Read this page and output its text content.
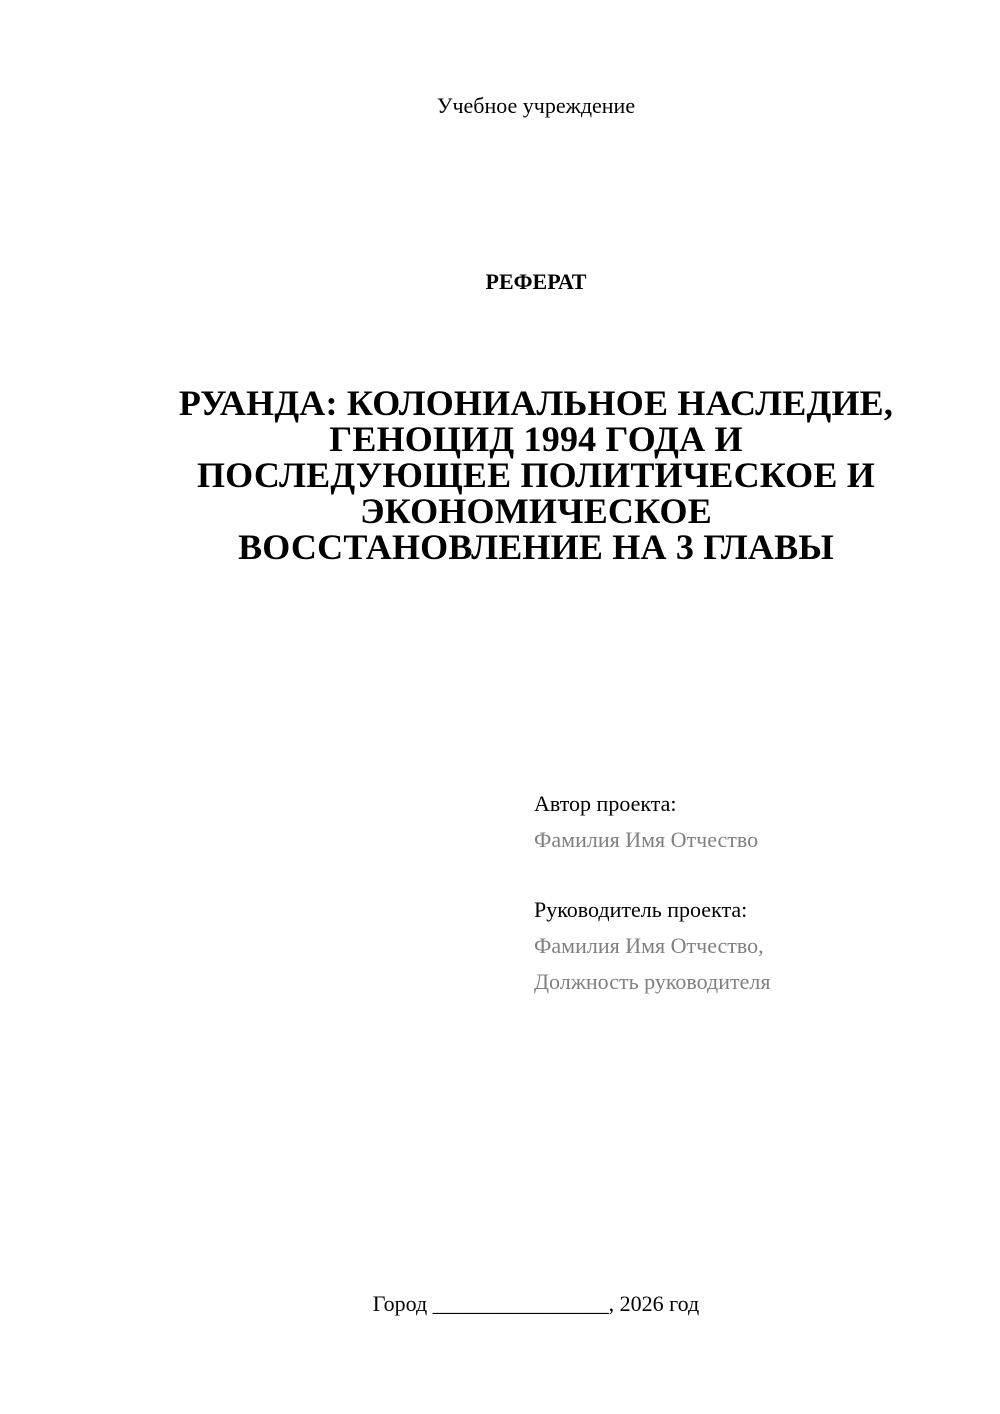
Учебное учреждение
РЕФЕРАТ
РУАНДА: КОЛОНИАЛЬНОЕ НАСЛЕДИЕ,
ГЕНОЦИД 1994 ГОДА И
ПОСЛЕДУЮЩЕЕ ПОЛИТИЧЕСКОЕ И
ЭКОНОМИЧЕСКОЕ
ВОССТАНОВЛЕНИЕ НА 3 ГЛАВЫ
Автор проекта:
Фамилия Имя Отчество
Руководитель проекта:
Фамилия Имя Отчество,
Должность руководителя
Город ________________, 2026 год
